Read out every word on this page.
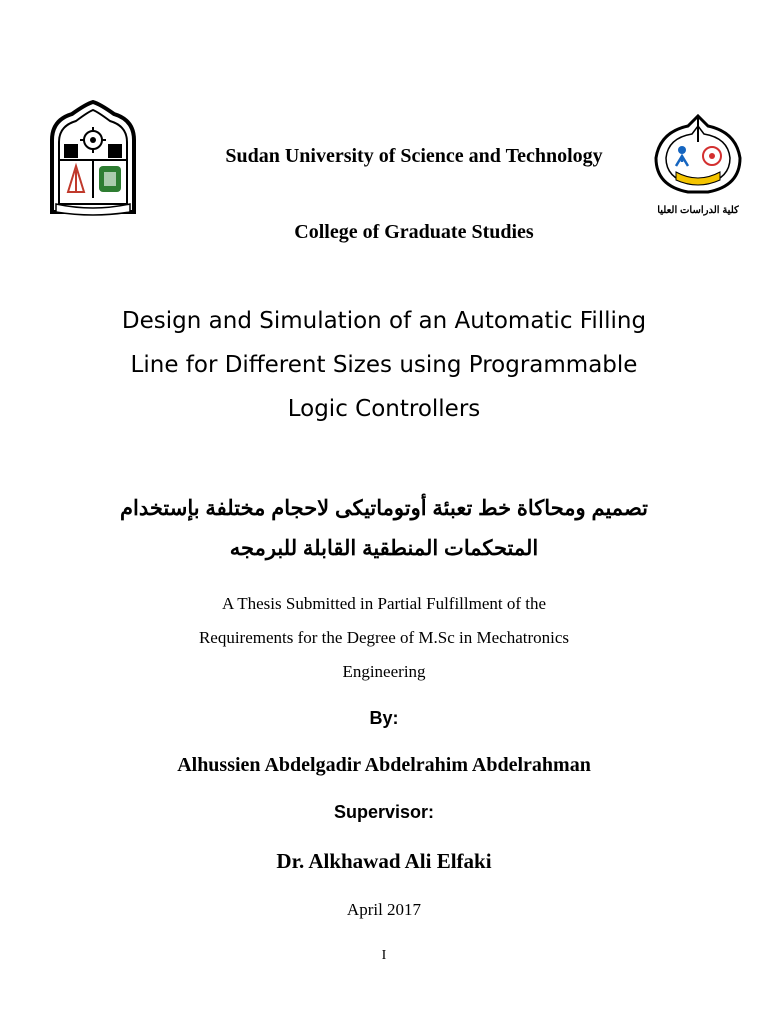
كلية الدراسات العليا
Sudan University of Science and Technology
College of Graduate Studies
Design and Simulation of an Automatic Filling
Line for Different Sizes using Programmable
Logic Controllers
تصميم ومحاكاة خط تعبئة أوتوماتيكى لاحجام مختلفة بإستخدام
المتحكمات المنطقية القابلة للبرمجه
A Thesis Submitted in Partial Fulfillment of the
Requirements for the Degree of M.Sc in Mechatronics
Engineering
By:
Alhussien Abdelgadir Abdelrahim Abdelrahman
Supervisor:
Dr. Alkhawad Ali Elfaki
April 2017
I
